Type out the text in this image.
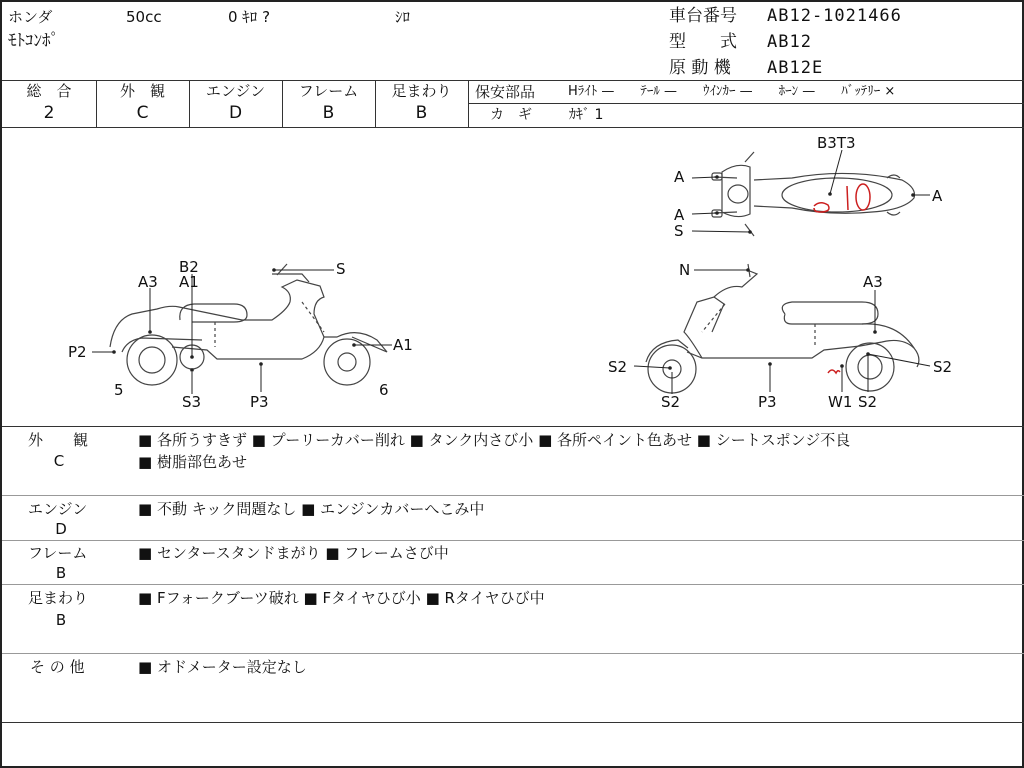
ホンダ	50cc	0 ｷﾛ ?	ｼﾛ
ﾓﾄｺﾝﾎﾟ
車台番号 AB12-1021466
型　　式 AB12
原 動 機 AB12E
総　合
2
外　観
C
エンジン
D
フレーム
B
足まわり
B
保安部品	Hﾗｲﾄ —　　ﾃｰﾙ —　　ｳｲﾝｶｰ —　　ﾎｰﾝ —　　ﾊﾞｯﾃﾘｰ ×
カ　ギ	ｶｷﾞ 1
B3T3
A
A
S
A
B2
A1
A3
S
P2	A1
5
S3	P3
6
N
A3
S2	S2
S2	P3	W1 S2
外　　観
C
■ 各所うすきず ■ プーリーカバー削れ ■ タンク内さび小 ■ 各所ペイント色あせ ■ シートスポンジ不良
■ 樹脂部色あせ
エンジン
D
■ 不動 キック問題なし ■ エンジンカバーへこみ中
フレーム
B
■ センタースタンドまがり ■ フレームさび中
足まわり
B
■ Fフォークブーツ破れ ■ Fタイヤひび小 ■ Rタイヤひび中
そ の 他	■ オドメーター設定なし
